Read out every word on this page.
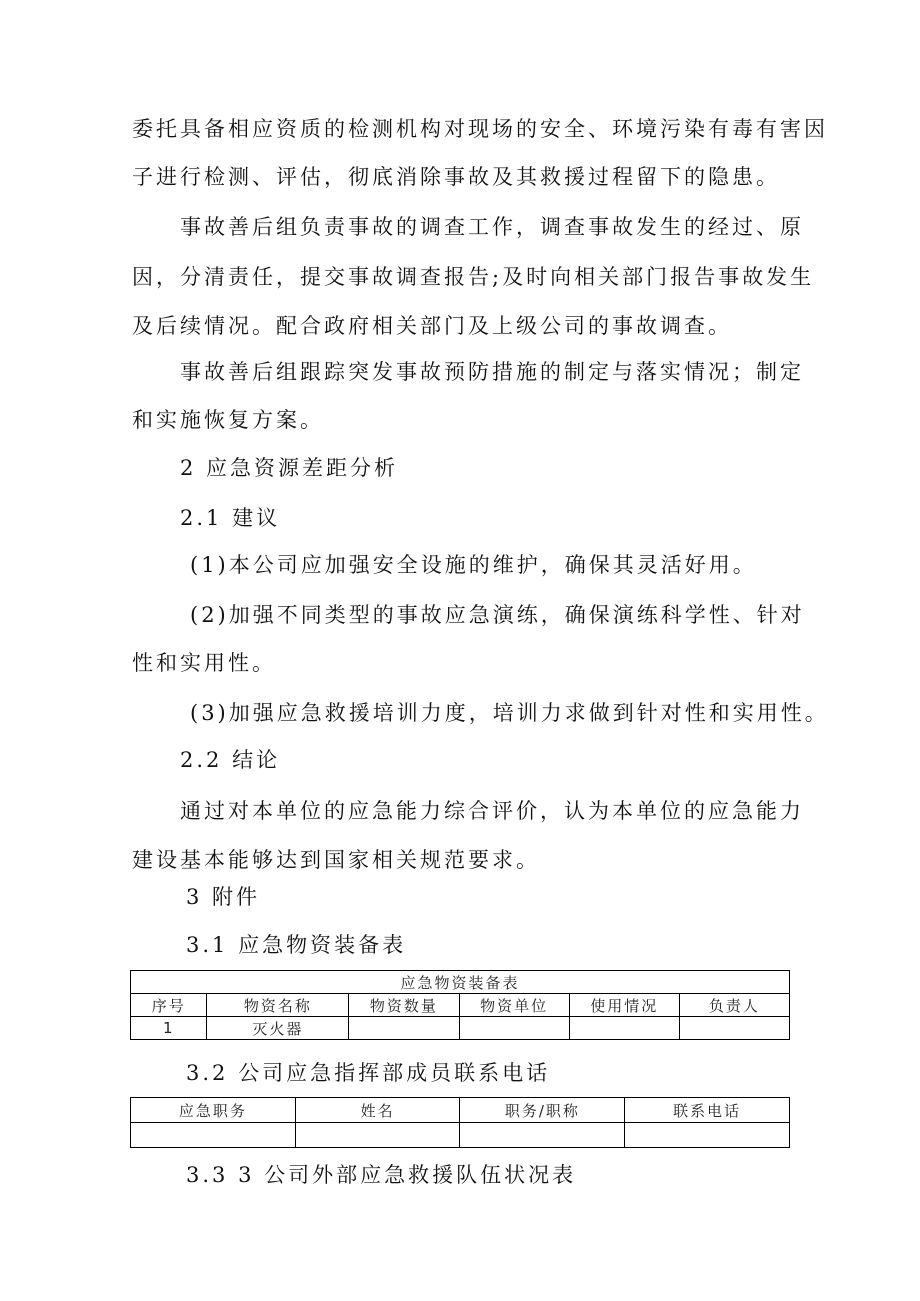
委托具备相应资质的检测机构对现场的安全、环境污染有毒有害因
子进行检测、评估，彻底消除事故及其救援过程留下的隐患。
事故善后组负责事故的调查工作，调查事故发生的经过、原
因，分清责任，提交事故调查报告;及时向相关部门报告事故发生
及后续情况。配合政府相关部门及上级公司的事故调查。
事故善后组跟踪突发事故预防措施的制定与落实情况；制定
和实施恢复方案。
2 应急资源差距分析
2.1 建议
(1)本公司应加强安全设施的维护，确保其灵活好用。
(2)加强不同类型的事故应急演练，确保演练科学性、针对
性和实用性。
(3)加强应急救援培训力度，培训力求做到针对性和实用性。
2.2 结论
通过对本单位的应急能力综合评价，认为本单位的应急能力
建设基本能够达到国家相关规范要求。
3 附件
3.1 应急物资装备表
应急物资装备表					
序号	物资名称	物资数量	物资单位	使用情况	负责人
1	灭火器				
3.2 公司应急指挥部成员联系电话
应急职务	姓名	职务/职称	联系电话

3.3 3 公司外部应急救援队伍状况表
